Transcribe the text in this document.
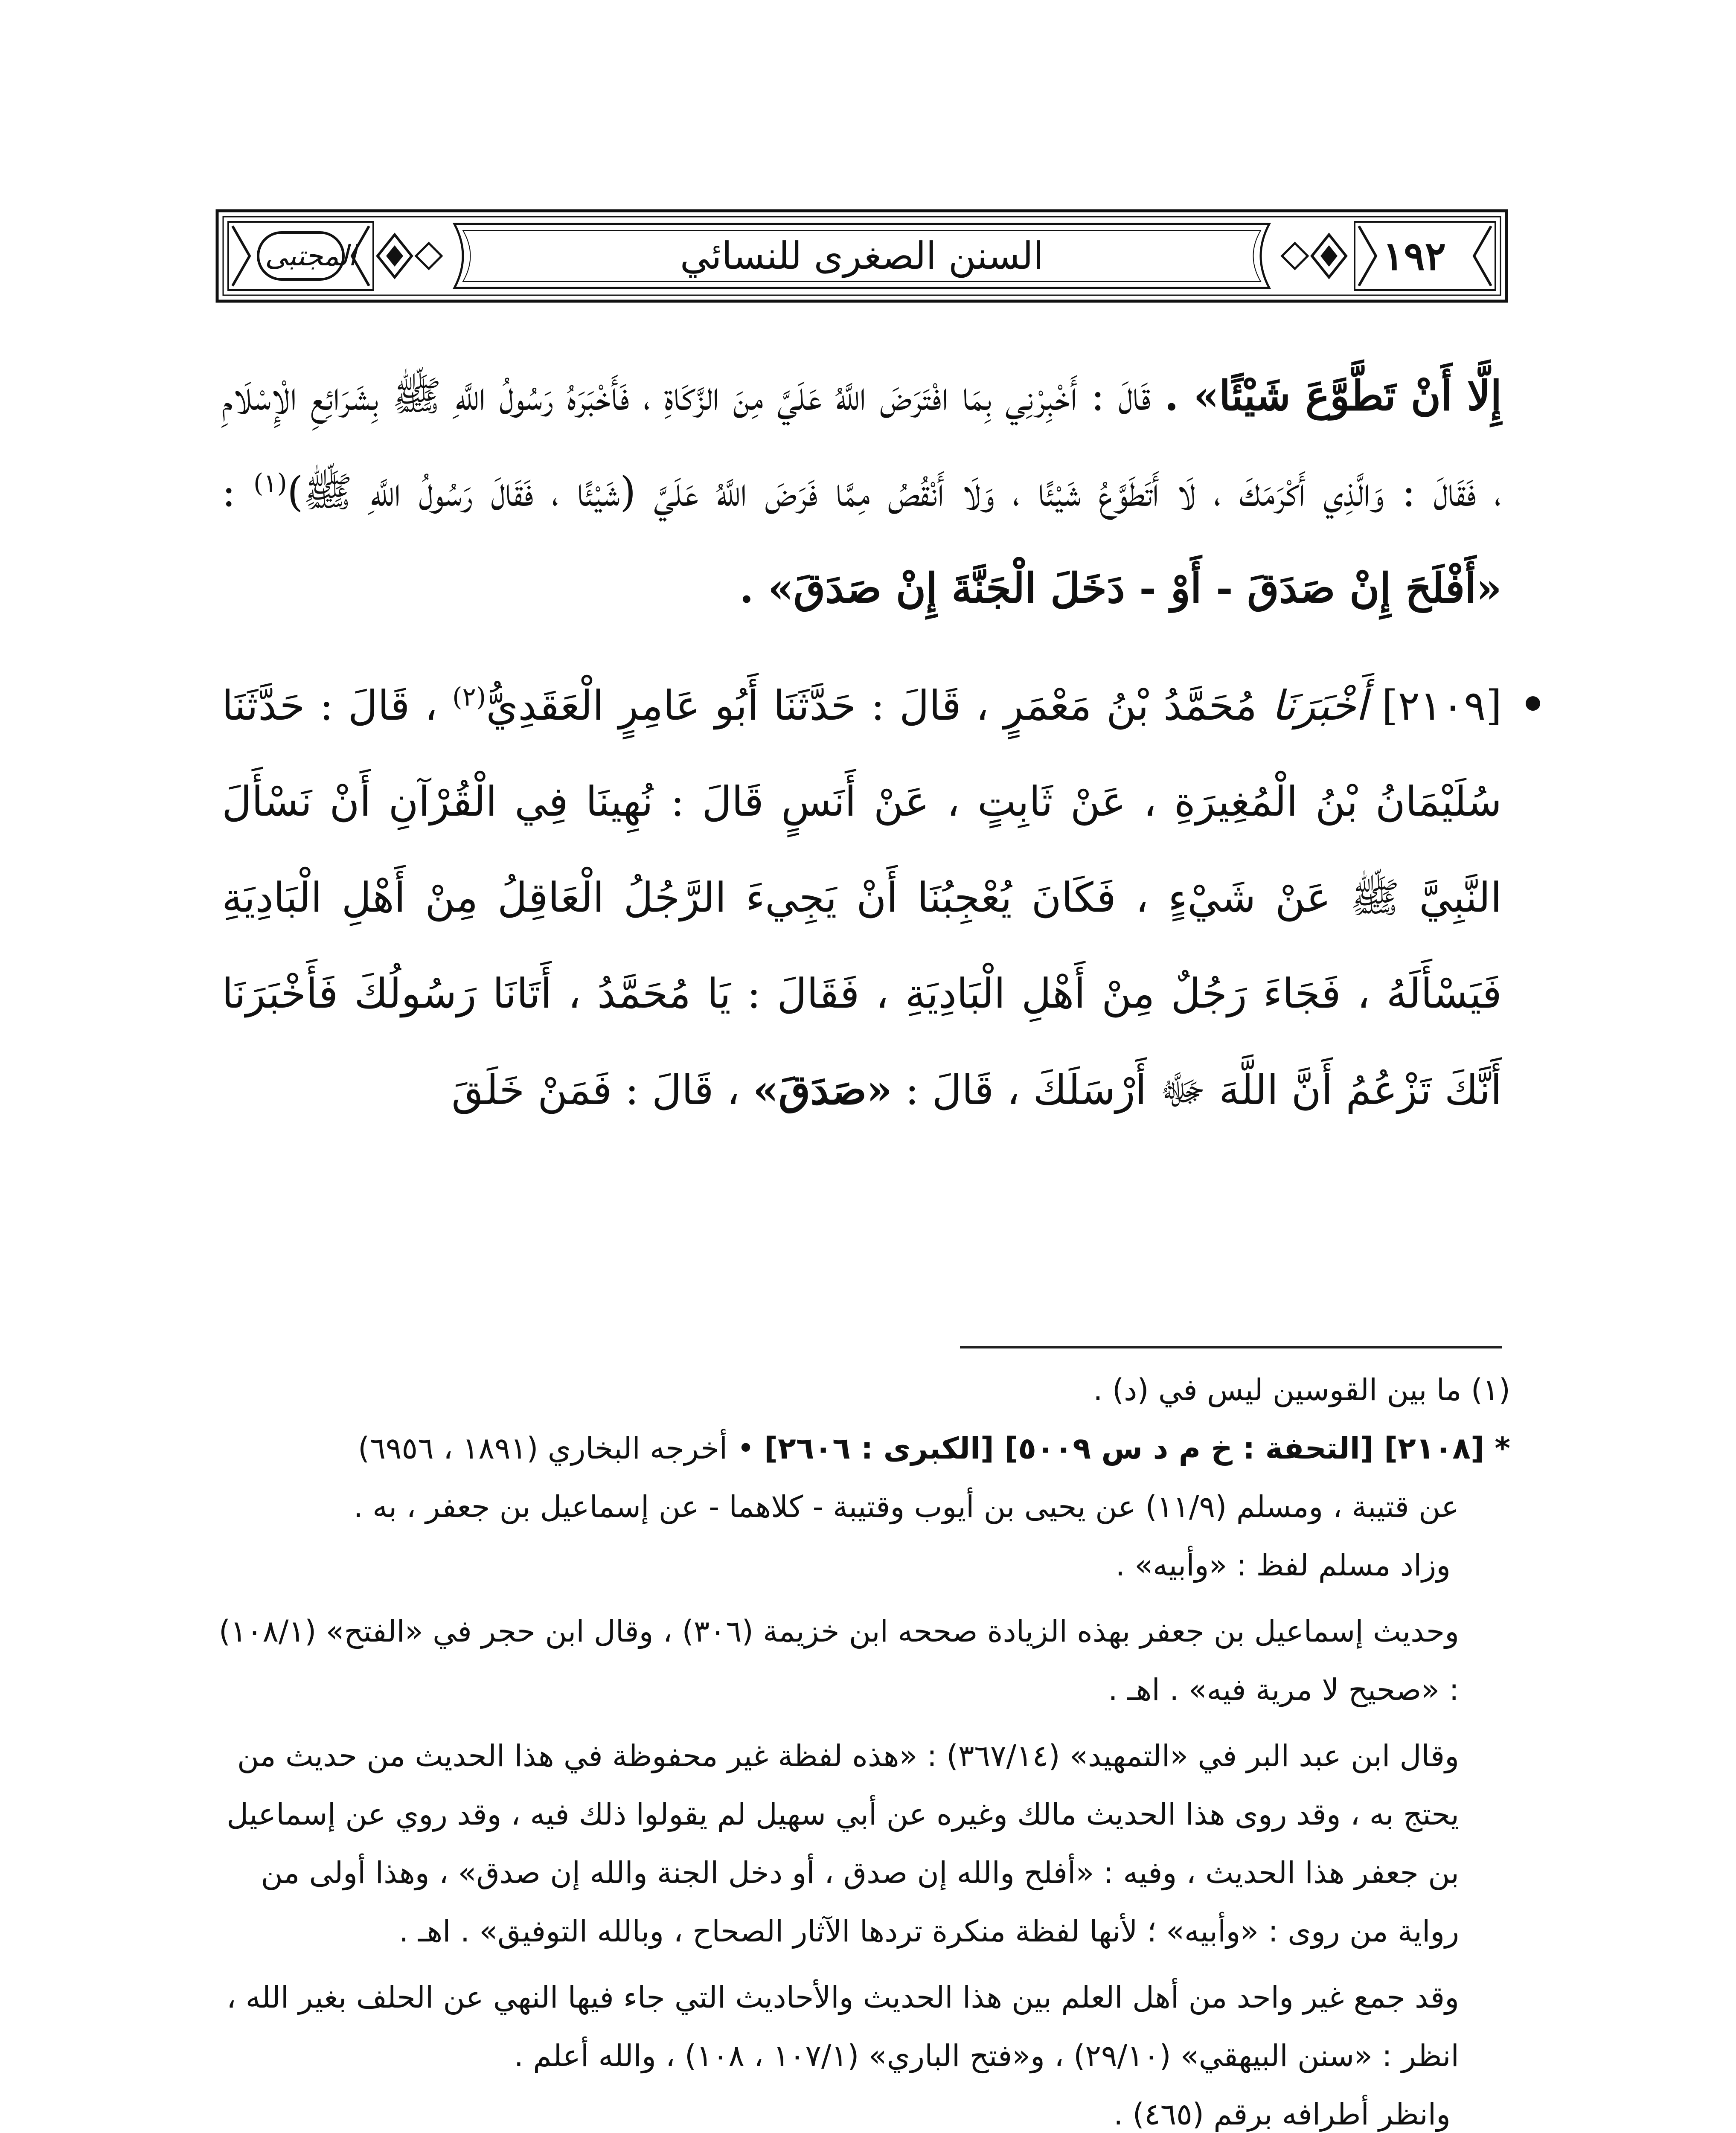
السنن الصغرى للنسائي	١٩٢
المجتبى

إِلَّا أَنْ تَطَّوَّعَ شَيْئًا» . قَالَ : أَخْبِرْنِي بِمَا افْتَرَضَ اللَّهُ عَلَيَّ مِنَ الزَّكَاةِ ، فَأَخْبَرَهُ رَسُولُ اللَّهِ ﷺ بِشَرَائِعِ الْإِسْلَامِ ، فَقَالَ : وَالَّذِي أَكْرَمَكَ ، لَا أَتَطَوَّعُ شَيْئًا ، وَلَا أَنْقُصُ مِمَّا فَرَضَ اللَّهُ عَلَيَّ (شَيْئًا ، فَقَالَ رَسُولُ اللَّهِ ﷺ)$^{(١)}$ : «أَفْلَحَ إِنْ صَدَقَ - أَوْ - دَخَلَ الْجَنَّةَ إِنْ صَدَقَ» .

[٢١٠٩] أَخْبَرَنَا مُحَمَّدُ بْنُ مَعْمَرٍ ، قَالَ : حَدَّثَنَا أَبُو عَامِرٍ الْعَقَدِيُّ$^{(٢)}$ ، قَالَ : حَدَّثَنَا سُلَيْمَانُ بْنُ الْمُغِيرَةِ ، عَنْ ثَابِتٍ ، عَنْ أَنَسٍ قَالَ : نُهِينَا فِي الْقُرْآنِ أَنْ نَسْأَلَ النَّبِيَّ ﷺ عَنْ شَيْءٍ ، فَكَانَ يُعْجِبُنَا أَنْ يَجِيءَ الرَّجُلُ الْعَاقِلُ مِنْ أَهْلِ الْبَادِيَةِ فَيَسْأَلَهُ ، فَجَاءَ رَجُلٌ مِنْ أَهْلِ الْبَادِيَةِ ، فَقَالَ : يَا مُحَمَّدُ ، أَتَانَا رَسُولُكَ فَأَخْبَرَنَا أَنَّكَ تَزْعُمُ أَنَّ اللَّهَ ﷻ أَرْسَلَكَ ، قَالَ : «صَدَقَ» ، قَالَ : فَمَنْ خَلَقَ

(١) ما بين القوسين ليس في (د) .

* [٢١٠٨] [التحفة : خ م د س ٥٠٠٩] [الكبرى : ٢٦٠٦] • أخرجه البخاري (١٨٩١ ، ٦٩٥٦)

عن قتيبة ، ومسلم (١١/٩) عن يحيى بن أيوب وقتيبة - كلاهما - عن إسماعيل بن جعفر ، به .

وزاد مسلم لفظ : «وأبيه» .

وحديث إسماعيل بن جعفر بهذه الزيادة صححه ابن خزيمة (٣٠٦) ، وقال ابن حجر في «الفتح» (١٠٨/١) : «صحيح لا مرية فيه» . اهـ .

وقال ابن عبد البر في «التمهيد» (٣٦٧/١٤) : «هذه لفظة غير محفوظة في هذا الحديث من حديث من يحتج به ، وقد روى هذا الحديث مالك وغيره عن أبي سهيل لم يقولوا ذلك فيه ، وقد روي عن إسماعيل بن جعفر هذا الحديث ، وفيه : «أفلح والله إن صدق ، أو دخل الجنة والله إن صدق» ، وهذا أولى من رواية من روى : «وأبيه» ؛ لأنها لفظة منكرة تردها الآثار الصحاح ، وبالله التوفيق» . اهـ .

وقد جمع غير واحد من أهل العلم بين هذا الحديث والأحاديث التي جاء فيها النهي عن الحلف بغير الله ، انظر : «سنن البيهقي» (٢٩/١٠) ، و«فتح الباري» (١٠٧/١ ، ١٠٨) ، والله أعلم .

وانظر أطرافه برقم (٤٦٥) .
